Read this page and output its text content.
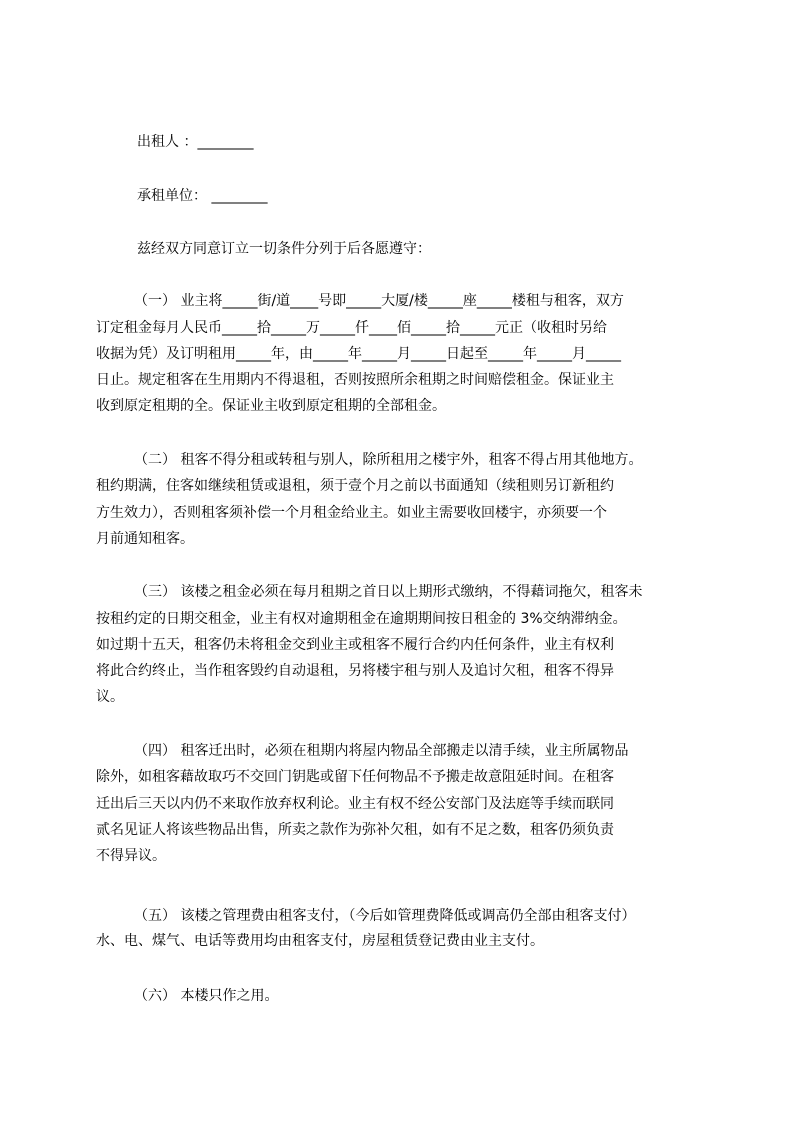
出租人 ：________
承租单位： ________
兹经双方同意订立一切条件分列于后各愿遵守：
（一） 业主将_____街/道____号即_____大厦/楼_____座_____楼租与租客，双方
订定租金每月人民币_____拾_____万_____仟____佰_____拾_____元正（收租时另给
收据为凭）及订明租用_____年，由_____年_____月_____日起至_____年_____月_____
日止。规定租客在生用期内不得退租，否则按照所余租期之时间赔偿租金。保证业主
收到原定租期的全。保证业主收到原定租期的全部租金。
（二） 租客不得分租或转租与别人，除所租用之楼宇外，租客不得占用其他地方。
租约期满，住客如继续租赁或退租，须于壹个月之前以书面通知（续租则另订新租约
方生效力），否则租客须补偿一个月租金给业主。如业主需要收回楼宇，亦须要一个
月前通知租客。
（三） 该楼之租金必须在每月租期之首日以上期形式缴纳，不得藉词拖欠，租客未
按租约定的日期交租金，业主有权对逾期租金在逾期期间按日租金的 3%交纳滞纳金。
如过期十五天，租客仍未将租金交到业主或租客不履行合约内任何条件，业主有权利
将此合约终止，当作租客毁约自动退租，另将楼宇租与别人及追讨欠租，租客不得异
议。
（四） 租客迁出时，必须在租期内将屋内物品全部搬走以清手续，业主所属物品
除外，如租客藉故取巧不交回门钥匙或留下任何物品不予搬走故意阻延时间。在租客
迁出后三天以内仍不来取作放弃权利论。业主有权不经公安部门及法庭等手续而联同
贰名见证人将该些物品出售，所卖之款作为弥补欠租，如有不足之数，租客仍须负责
不得异议。
（五） 该楼之管理费由租客支付，（今后如管理费降低或调高仍全部由租客支付）
水、电、煤气、电话等费用均由租客支付，房屋租赁登记费由业主支付。
（六） 本楼只作之用。
